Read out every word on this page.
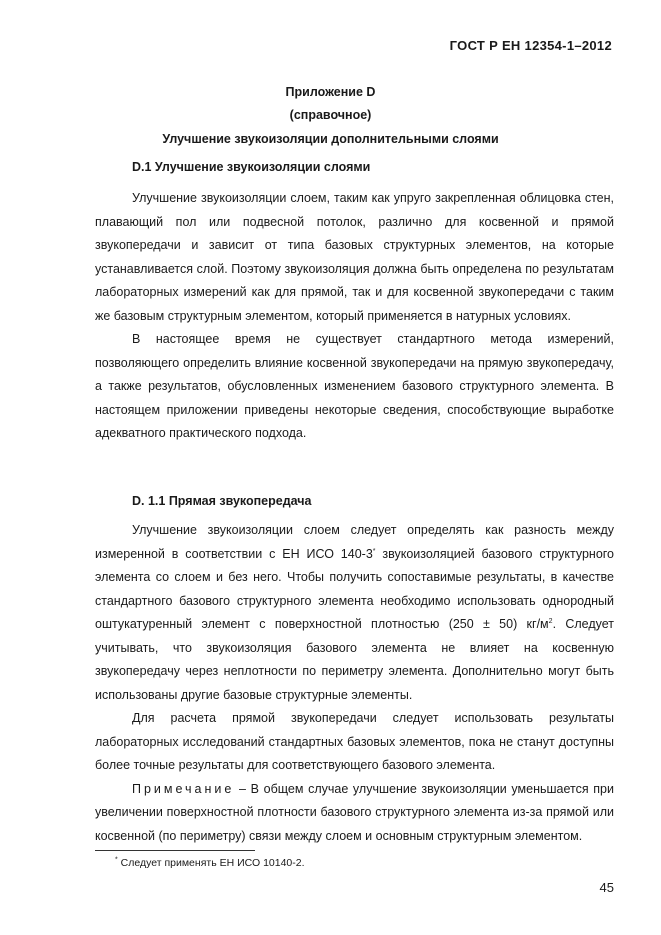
ГОСТ Р ЕН 12354-1–2012
Приложение D
(справочное)
Улучшение звукоизоляции дополнительными слоями
D.1 Улучшение звукоизоляции слоями

Улучшение звукоизоляции слоем, таким как упруго закрепленная облицовка стен, плавающий пол или подвесной потолок, различно для косвенной и прямой звукопередачи и зависит от типа базовых структурных элементов, на которые устанавливается слой. Поэтому звукоизоляция должна быть определена по результатам лабораторных измерений как для прямой, так и для косвенной звукопередачи с таким же базовым структурным элементом, который применяется в натурных условиях.

В настоящее время не существует стандартного метода измерений, позволяющего определить влияние косвенной звукопередачи на прямую звукопередачу, а также результатов, обусловленных изменением базового структурного элемента. В настоящем приложении приведены некоторые сведения, способствующие выработке адекватного практического подхода.

D. 1.1 Прямая звукопередача

Улучшение звукоизоляции слоем следует определять как разность между измеренной в соответствии с ЕН ИСО 140-3* звукоизоляцией базового структурного элемента со слоем и без него. Чтобы получить сопоставимые результаты, в качестве стандартного базового структурного элемента необходимо использовать однородный оштукатуренный элемент с поверхностной плотностью (250 ± 50) $кг/м^2$. Следует учитывать, что звукоизоляция базового элемента не влияет на косвенную звукопередачу через неплотности по периметру элемента. Дополнительно могут быть использованы другие базовые структурные элементы.

Для расчета прямой звукопередачи следует использовать результаты лабораторных исследований стандартных базовых элементов, пока не станут доступны более точные результаты для соответствующего базового элемента.

Примечание – В общем случае улучшение звукоизоляции уменьшается при увеличении поверхностной плотности базового структурного элемента из-за прямой или косвенной (по периметру) связи между слоем и основным структурным элементом.

* Следует применять ЕН ИСО 10140-2.
45
